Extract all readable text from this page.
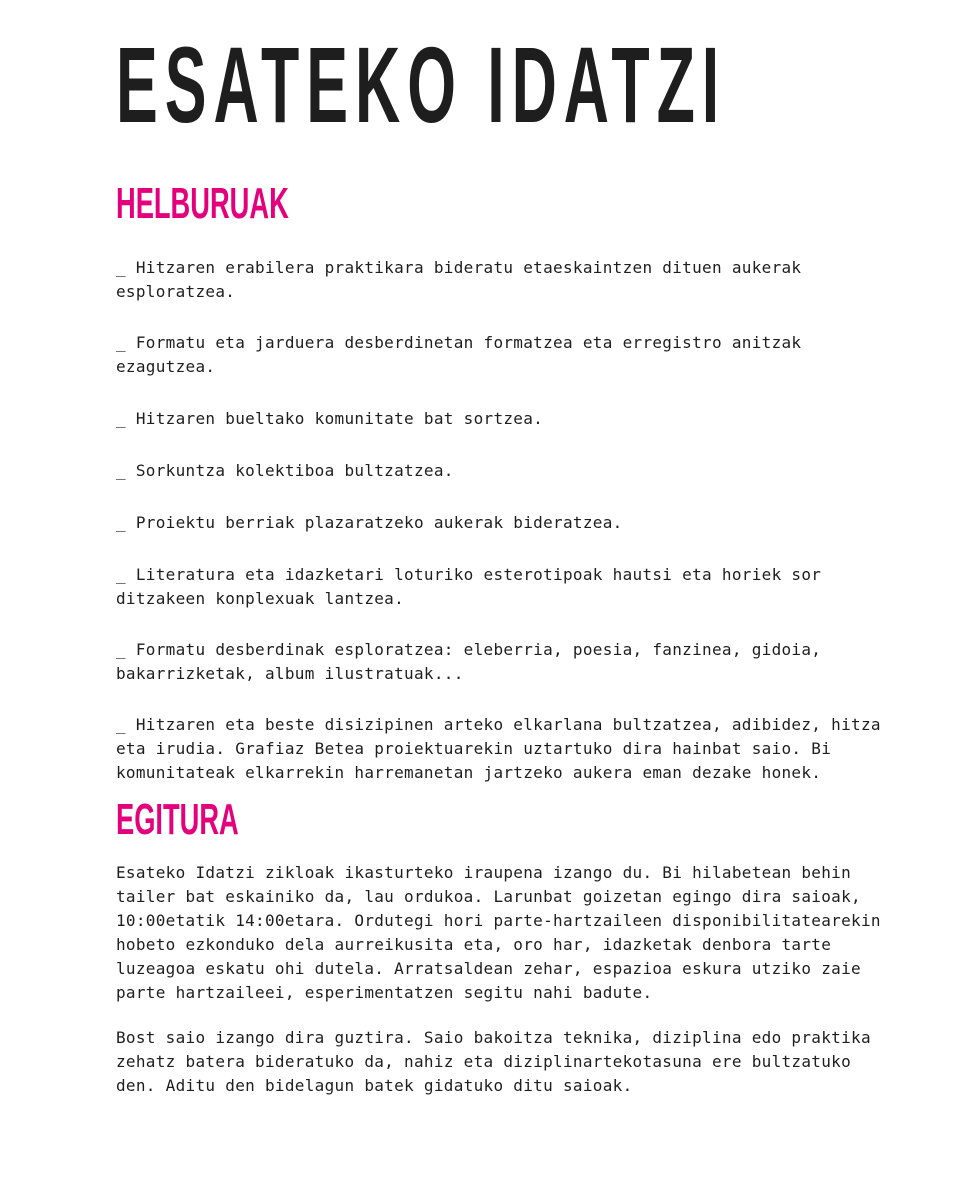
ESATEKO IDATZI
HELBURUAK
_ Hitzaren erabilera praktikara bideratu etaeskaintzen dituen aukerak esploratzea.
_ Formatu eta jarduera desberdinetan formatzea eta erregistro anitzak ezagutzea.
_ Hitzaren bueltako komunitate bat sortzea.
_ Sorkuntza kolektiboa bultzatzea.
_ Proiektu berriak plazaratzeko aukerak bideratzea.
_ Literatura eta idazketari loturiko esterotipoak hautsi eta horiek sor ditzakeen konplexuak lantzea.
_ Formatu desberdinak esploratzea: eleberria, poesia, fanzinea, gidoia, bakarrizketak, album ilustratuak...
_ Hitzaren eta beste disizipinen arteko elkarlana bultzatzea, adibidez, hitza eta irudia. Grafiaz Betea proiektuarekin uztartuko dira hainbat saio. Bi komunitateak elkarrekin harremanetan jartzeko aukera eman dezake honek.
EGITURA

Esateko Idatzi zikloak ikasturteko iraupena izango du. Bi hilabetean behin tailer bat eskainiko da, lau ordukoa. Larunbat goizetan egingo dira saioak, 10:00etatik 14:00etara. Ordutegi hori parte-hartzaileen disponibilitatearekin hobeto ezkonduko dela aurreikusita eta, oro har, idazketak denbora tarte luzeagoa eskatu ohi dutela. Arratsaldean zehar, espazioa eskura utziko zaie parte hartzaileei, esperimentatzen segitu nahi badute.

Bost saio izango dira guztira. Saio bakoitza teknika, diziplina edo praktika zehatz batera bideratuko da, nahiz eta diziplinartekotasuna ere bultzatuko den. Aditu den bidelagun batek gidatuko ditu saioak.
